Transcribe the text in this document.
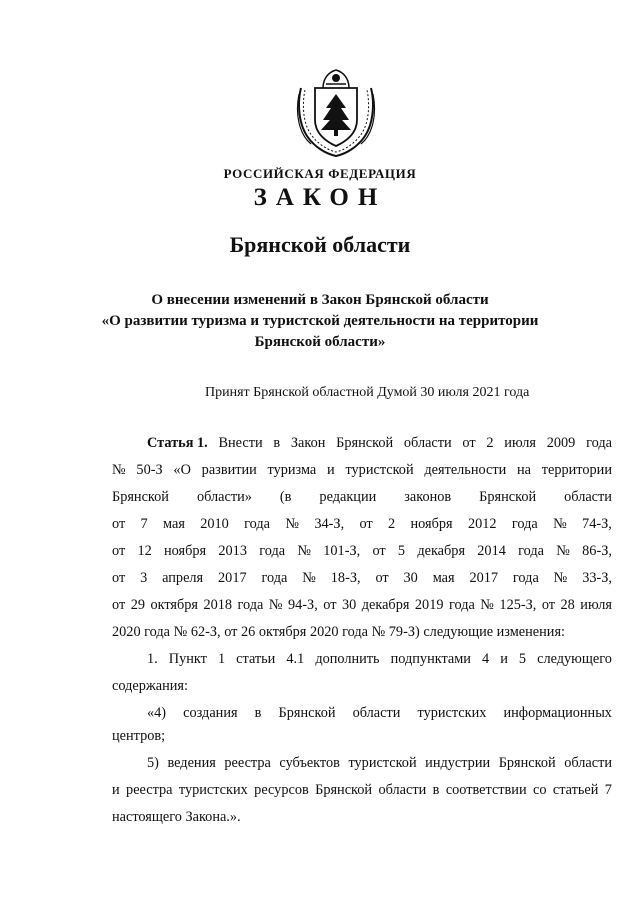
РОССИЙСКАЯ ФЕДЕРАЦИЯ
ЗАКОН
Брянской области
О внесении изменений в Закон Брянской области
«О развитии туризма и туристской деятельности на территории
Брянской области»
Принят Брянской областной Думой 30 июля 2021 года
Статья 1. Внести в Закон Брянской области от 2 июля 2009 года
№ 50-З «О развитии туризма и туристской деятельности на территории
Брянской области» (в редакции законов Брянской области
от 7 мая 2010 года № 34-З, от 2 ноября 2012 года № 74-З,
от 12 ноября 2013 года № 101-З, от 5 декабря 2014 года № 86-З,
от 3 апреля 2017 года № 18-З, от 30 мая 2017 года № 33-З,
от 29 октября 2018 года № 94-З, от 30 декабря 2019 года № 125-З, от 28 июля
2020 года № 62-З, от 26 октября 2020 года № 79-З) следующие изменения:
1. Пункт 1 статьи 4.1 дополнить подпунктами 4 и 5 следующего
содержания:
«4) создания в Брянской области туристских информационных
центров;
5) ведения реестра субъектов туристской индустрии Брянской области
и реестра туристских ресурсов Брянской области в соответствии со статьей 7
настоящего Закона.».
